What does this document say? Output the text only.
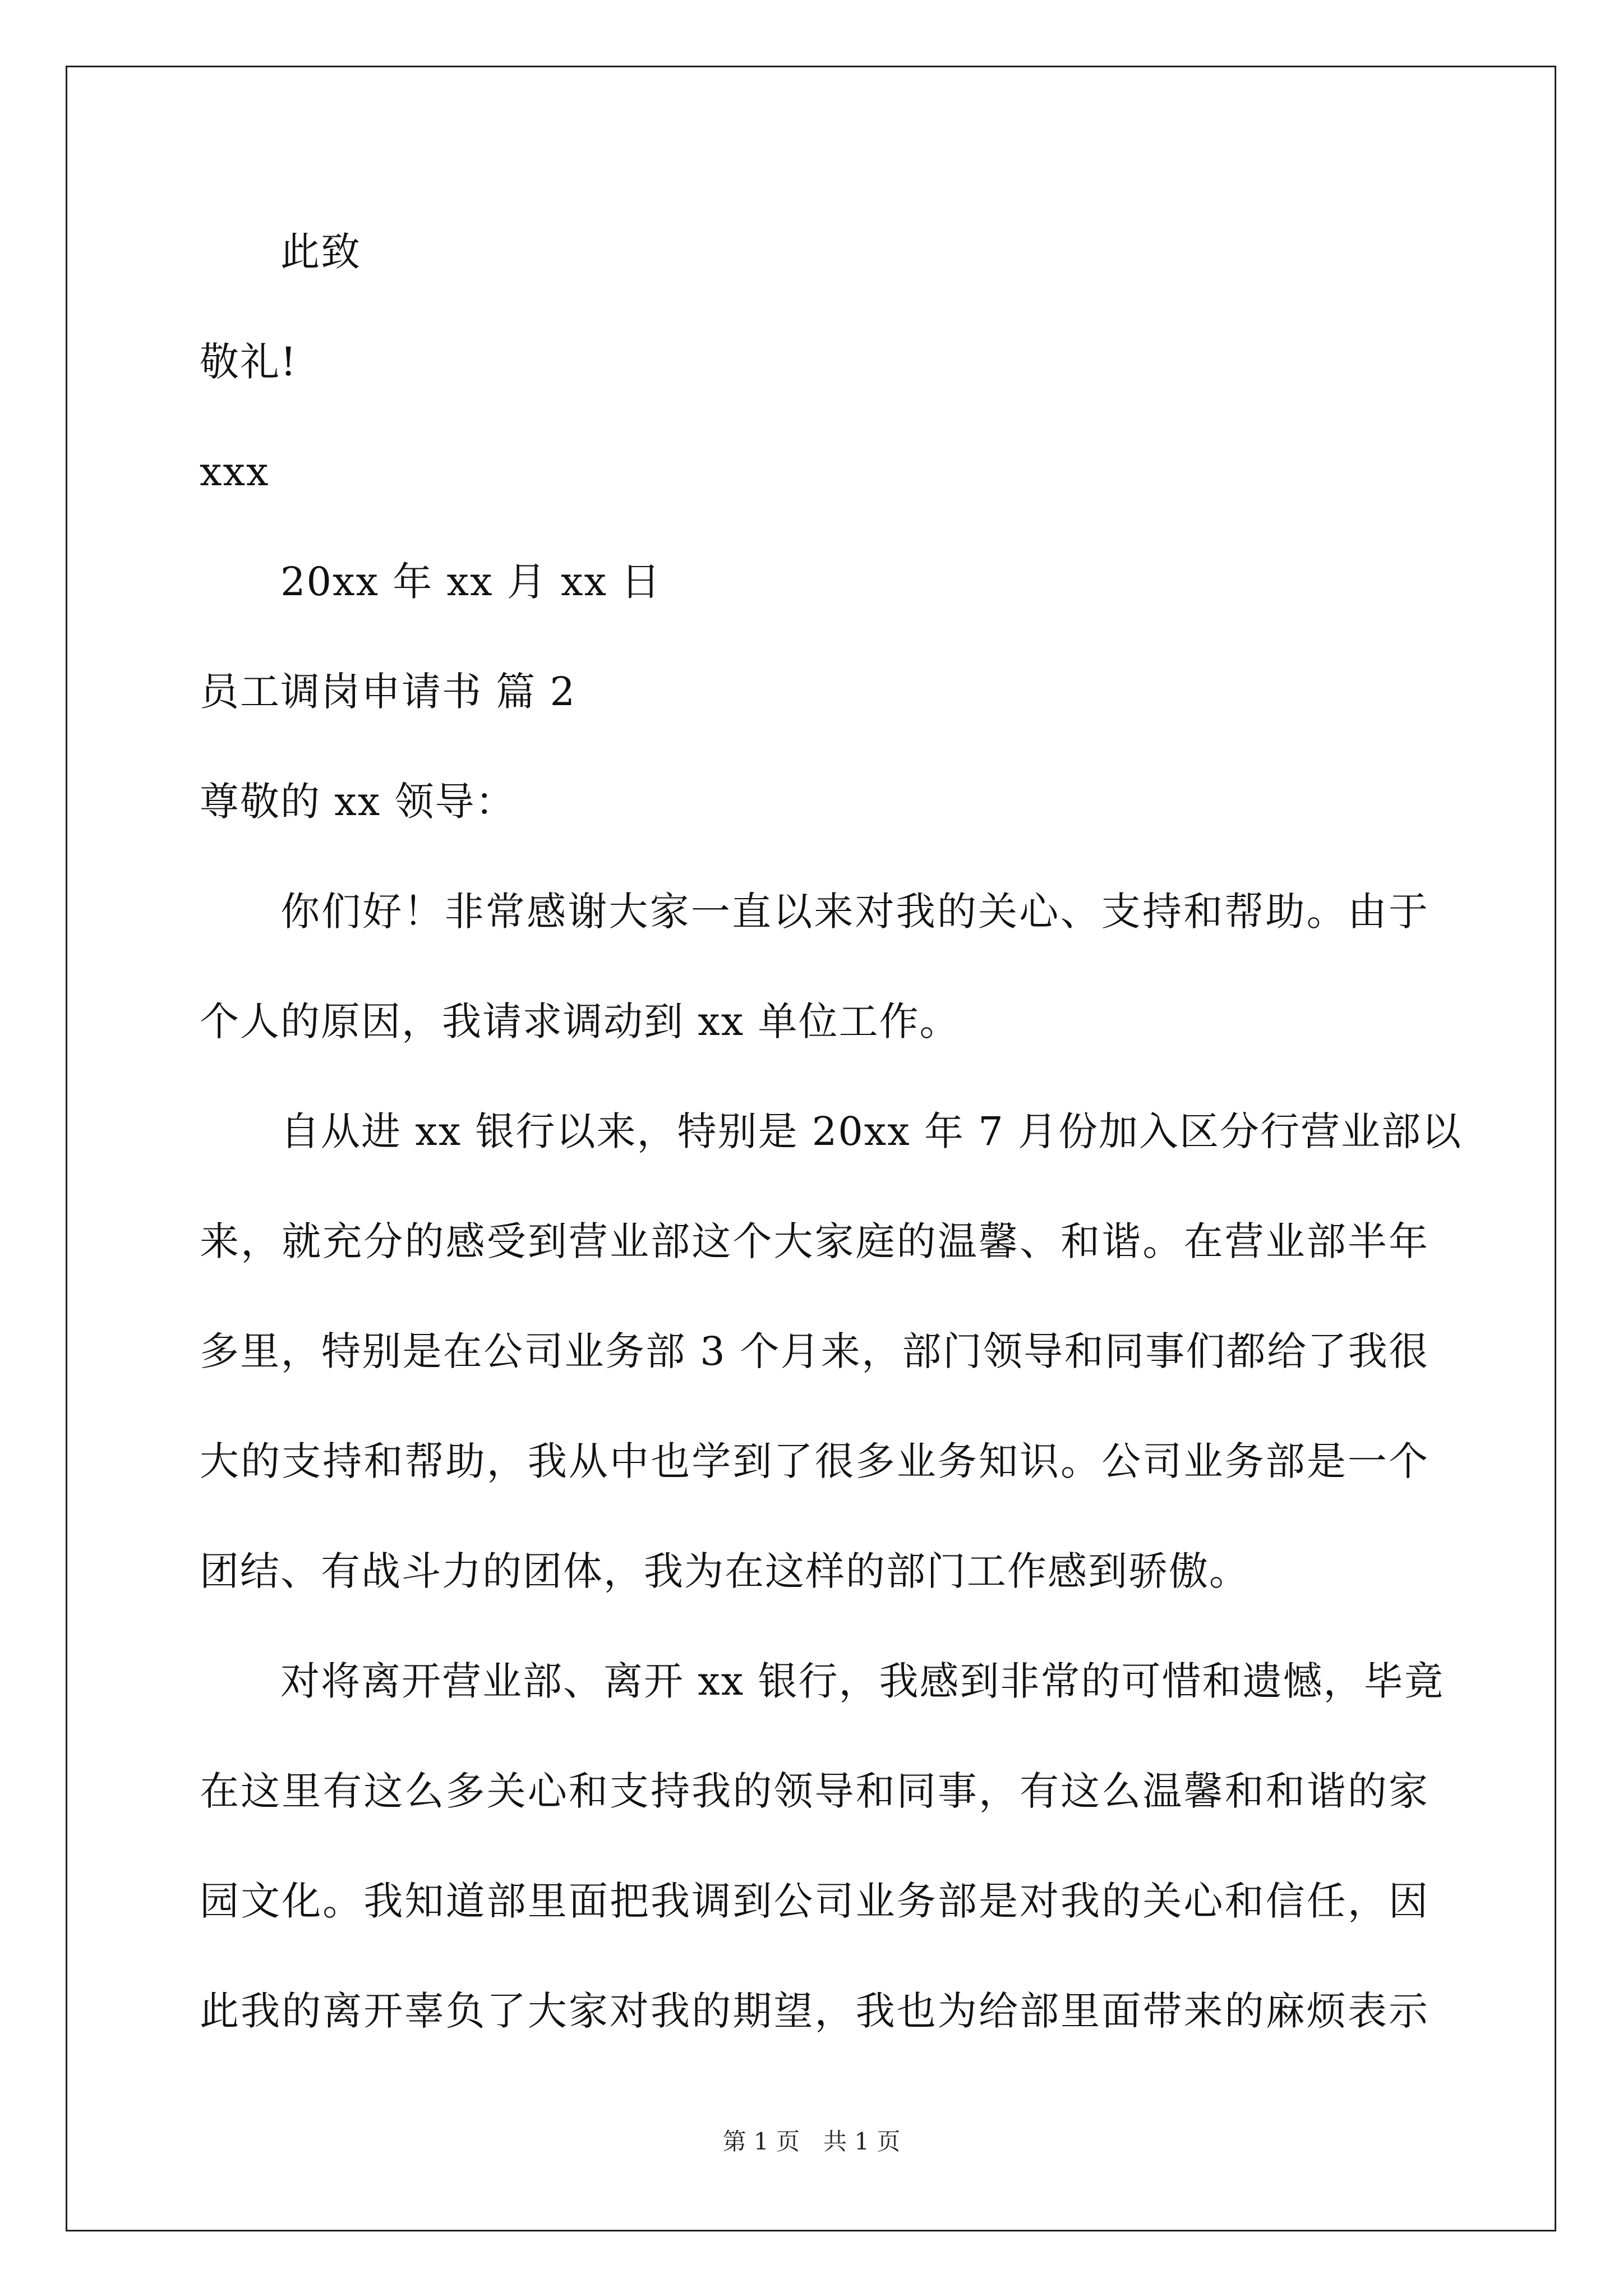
此致
敬礼!
xxx
20xx 年 xx 月 xx 日
员工调岗申请书 篇 2
尊敬的 xx 领导：
你们好！非常感谢大家一直以来对我的关心、支持和帮助。由于
个人的原因，我请求调动到 xx 单位工作。
自从进 xx 银行以来，特别是 20xx 年 7 月份加入区分行营业部以
来，就充分的感受到营业部这个大家庭的温馨、和谐。在营业部半年
多里，特别是在公司业务部 3 个月来，部门领导和同事们都给了我很
大的支持和帮助，我从中也学到了很多业务知识。公司业务部是一个
团结、有战斗力的团体，我为在这样的部门工作感到骄傲。
对将离开营业部、离开 xx 银行，我感到非常的可惜和遗憾，毕竟
在这里有这么多关心和支持我的领导和同事，有这么温馨和和谐的家
园文化。我知道部里面把我调到公司业务部是对我的关心和信任，因
此我的离开辜负了大家对我的期望，我也为给部里面带来的麻烦表示
第 1 页　共 1 页
